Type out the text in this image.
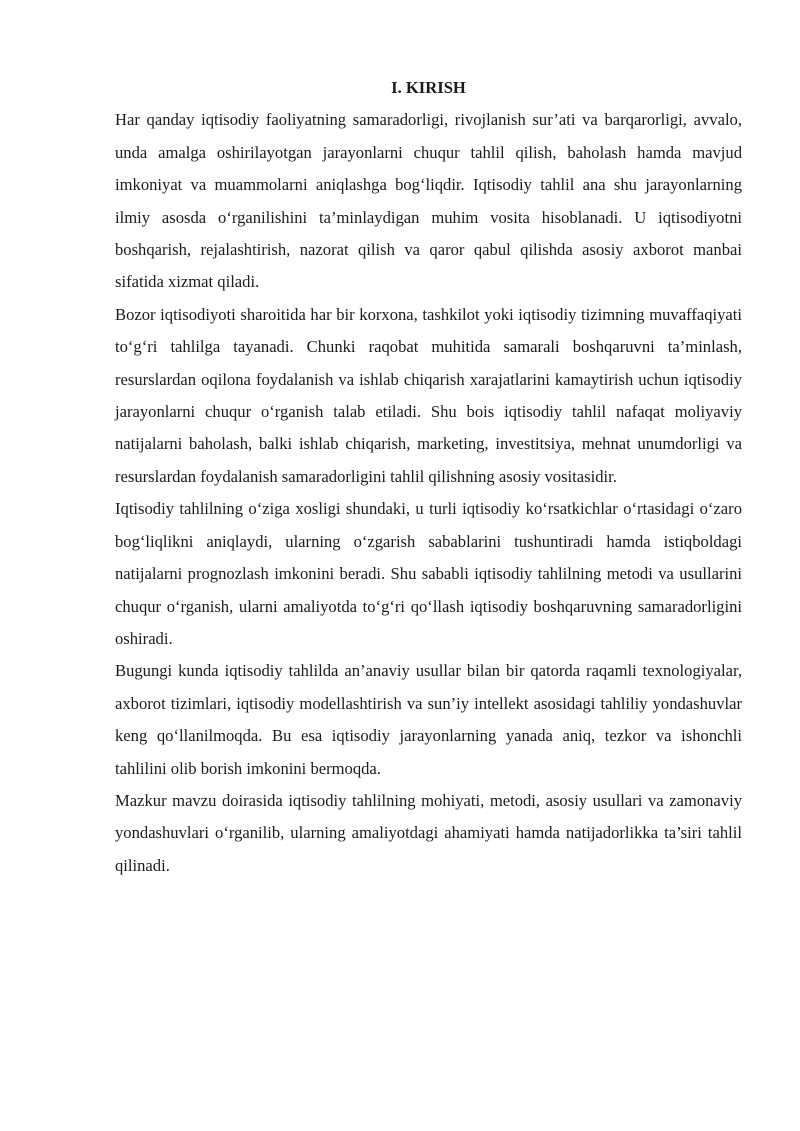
I. KIRISH

Har qanday iqtisodiy faoliyatning samaradorligi, rivojlanish sur’ati va barqarorligi, avvalo, unda amalga oshirilayotgan jarayonlarni chuqur tahlil qilish, baholash hamda mavjud imkoniyat va muammolarni aniqlashga bog‘liqdir. Iqtisodiy tahlil ana shu jarayonlarning ilmiy asosda o‘rganilishini ta’minlaydigan muhim vosita hisoblanadi. U iqtisodiyotni boshqarish, rejalashtirish, nazorat qilish va qaror qabul qilishda asosiy axborot manbai sifatida xizmat qiladi.

Bozor iqtisodiyoti sharoitida har bir korxona, tashkilot yoki iqtisodiy tizimning muvaffaqiyati to‘g‘ri tahlilga tayanadi. Chunki raqobat muhitida samarali boshqaruvni ta’minlash, resurslardan oqilona foydalanish va ishlab chiqarish xarajatlarini kamaytirish uchun iqtisodiy jarayonlarni chuqur o‘rganish talab etiladi. Shu bois iqtisodiy tahlil nafaqat moliyaviy natijalarni baholash, balki ishlab chiqarish, marketing, investitsiya, mehnat unumdorligi va resurslardan foydalanish samaradorligini tahlil qilishning asosiy vositasidir.

Iqtisodiy tahlilning o‘ziga xosligi shundaki, u turli iqtisodiy ko‘rsatkichlar o‘rtasidagi o‘zaro bog‘liqlikni aniqlaydi, ularning o‘zgarish sabablarini tushuntiradi hamda istiqboldagi natijalarni prognozlash imkonini beradi. Shu sababli iqtisodiy tahlilning metodi va usullarini chuqur o‘rganish, ularni amaliyotda to‘g‘ri qo‘llash iqtisodiy boshqaruvning samaradorligini oshiradi.

Bugungi kunda iqtisodiy tahlilda an’anaviy usullar bilan bir qatorda raqamli texnologiyalar, axborot tizimlari, iqtisodiy modellashtirish va sun’iy intellekt asosidagi tahliliy yondashuvlar keng qo‘llanilmoqda. Bu esa iqtisodiy jarayonlarning yanada aniq, tezkor va ishonchli tahlilini olib borish imkonini bermoqda.

Mazkur mavzu doirasida iqtisodiy tahlilning mohiyati, metodi, asosiy usullari va zamonaviy yondashuvlari o‘rganilib, ularning amaliyotdagi ahamiyati hamda natijadorlikka ta’siri tahlil qilinadi.
